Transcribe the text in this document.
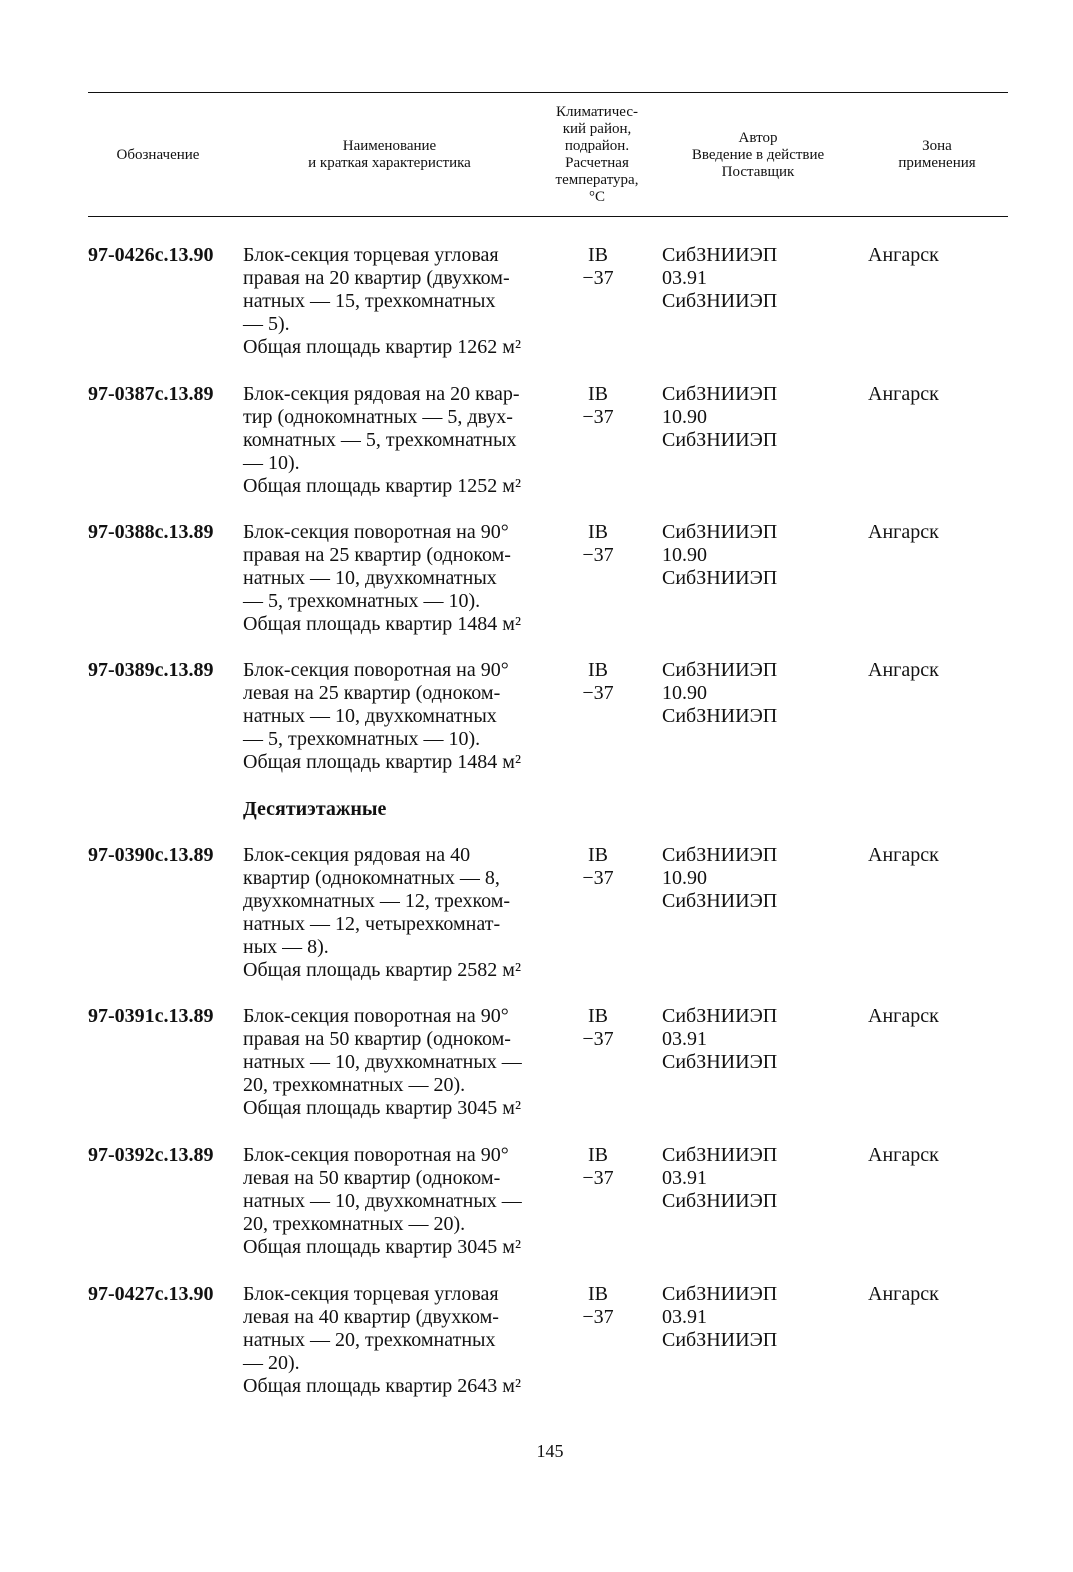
Обозначение
Наименование
и краткая характеристика
Климатичес-
кий район,
подрайон.
Расчетная
температура,
°С
Автор
Введение в действие
Поставщик
Зона
применения
97-0426с.13.90 Блок-секция торцевая угловая
правая на 20 квартир (двухком-
натных — 15, трехкомнатных
— 5).
Общая площадь квартир 1262 м²
IB
−37
СибЗНИИЭП
03.91
СибЗНИИЭП
Ангарск
97-0387с.13.89 Блок-секция рядовая на 20 квар-
тир (однокомнатных — 5, двух-
комнатных — 5, трехкомнатных
— 10).
Общая площадь квартир 1252 м²
IB
−37
СибЗНИИЭП
10.90
СибЗНИИЭП
Ангарск
97-0388с.13.89 Блок-секция поворотная на 90°
правая на 25 квартир (одноком-
натных — 10, двухкомнатных
— 5, трехкомнатных — 10).
Общая площадь квартир 1484 м²
IB
−37
СибЗНИИЭП
10.90
СибЗНИИЭП
Ангарск
97-0389с.13.89 Блок-секция поворотная на 90°
левая на 25 квартир (одноком-
натных — 10, двухкомнатных
— 5, трехкомнатных — 10).
Общая площадь квартир 1484 м²
IB
−37
СибЗНИИЭП
10.90
СибЗНИИЭП
Ангарск
97-0390с.13.89 Блок-секция рядовая на 40
квартир (однокомнатных — 8,
двухкомнатных — 12, трехком-
натных — 12, четырехкомнат-
ных — 8).
Общая площадь квартир 2582 м²
IB
−37
СибЗНИИЭП
10.90
СибЗНИИЭП
Ангарск
97-0391с.13.89 Блок-секция поворотная на 90°
правая на 50 квартир (одноком-
натных — 10, двухкомнатных —
20, трехкомнатных — 20).
Общая площадь квартир 3045 м²
IB
−37
СибЗНИИЭП
03.91
СибЗНИИЭП
Ангарск
97-0392с.13.89 Блок-секция поворотная на 90°
левая на 50 квартир (одноком-
натных — 10, двухкомнатных —
20, трехкомнатных — 20).
Общая площадь квартир 3045 м²
IB
−37
СибЗНИИЭП
03.91
СибЗНИИЭП
Ангарск
97-0427с.13.90 Блок-секция торцевая угловая
левая на 40 квартир (двухком-
натных — 20, трехкомнатных
— 20).
Общая площадь квартир 2643 м²
IB
−37
СибЗНИИЭП
03.91
СибЗНИИЭП
Ангарск
Десятиэтажные
145
